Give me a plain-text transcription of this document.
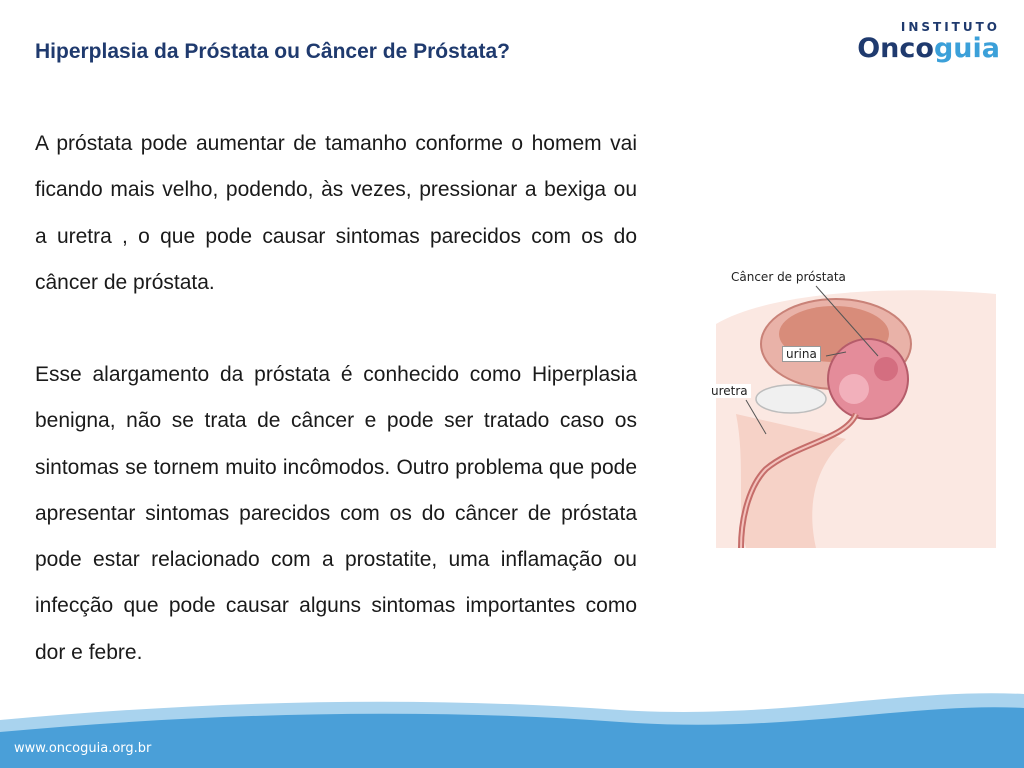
Hiperplasia da Próstata ou Câncer de Próstata?
INSTITUTO
Oncoguia

A próstata pode aumentar de tamanho conforme o homem vai ficando mais velho, podendo, às vezes, pressionar a bexiga ou a uretra , o que pode causar sintomas parecidos com os do câncer de próstata.

Esse alargamento da próstata é conhecido como Hiperplasia benigna, não se trata de câncer e pode ser tratado caso os sintomas se tornem muito incômodos. Outro problema que pode apresentar sintomas parecidos com os do câncer de próstata pode estar relacionado com a prostatite, uma inflamação ou infecção que pode causar alguns sintomas importantes como dor e febre.

Câncer de próstata
urina
uretra
www.oncoguia.org.br
